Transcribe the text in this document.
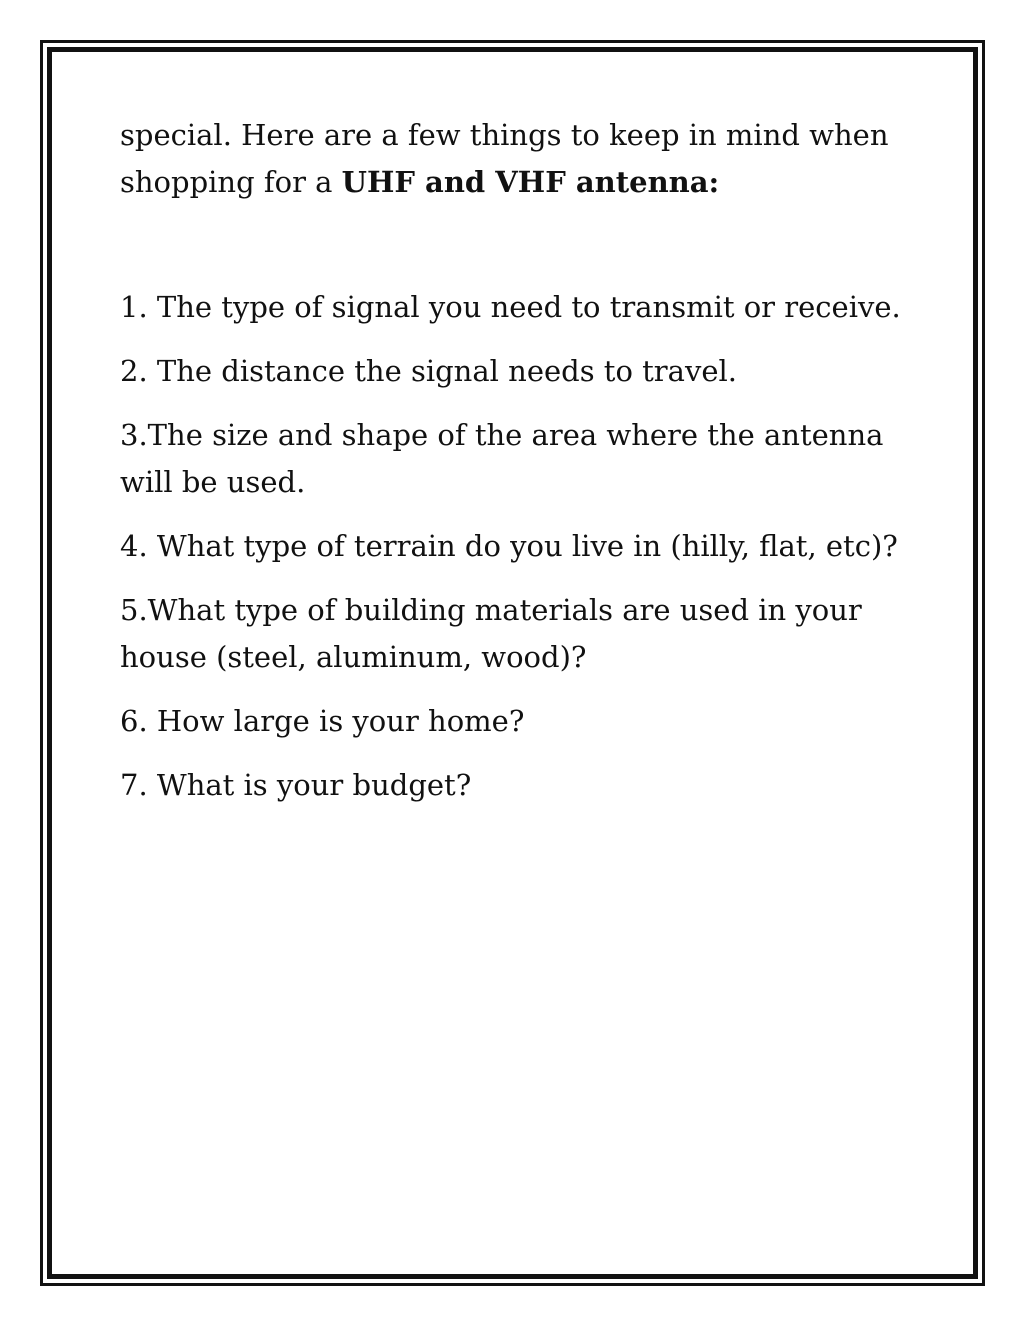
special. Here are a few things to keep in mind when shopping for a UHF and VHF antenna:

1. The type of signal you need to transmit or receive.
2. The distance the signal needs to travel.
3.The size and shape of the area where the antenna will be used.
4. What type of terrain do you live in (hilly, flat, etc)?
5.What type of building materials are used in your house (steel, aluminum, wood)?
6. How large is your home?
7. What is your budget?
